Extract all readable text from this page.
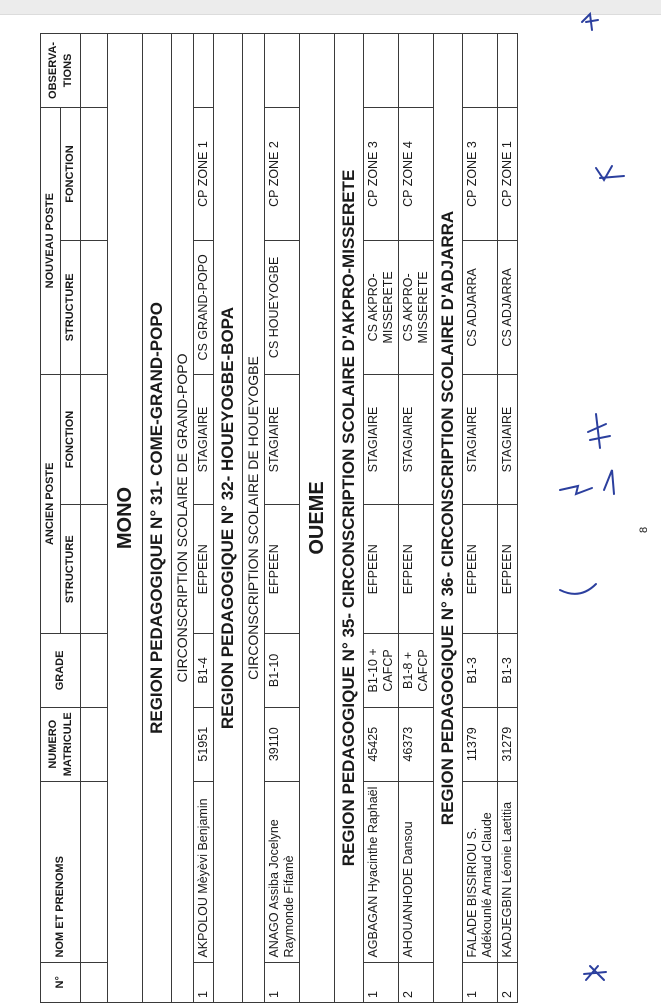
N°	NOM ET PRENOMS	NUMERO MATRICULE	GRADE	ANCIEN POSTE		NOUVEAU POSTE		OBSERVA-TIONS
				STRUCTURE	FONCTION	STRUCTURE	FONCTION	

MONO								
REGION PEDAGOGIQUE N° 31- COME-GRAND-POPO								
CIRCONSCRIPTION SCOLAIRE DE GRAND-POPO								
1	AKPOLOU Mèyèvi Benjamin	51951	B1-4	EFPEEN	STAGIAIRE	CS GRAND-POPO	CP ZONE 1	
REGION PEDAGOGIQUE N° 32- HOUEYOGBE-BOPA								
CIRCONSCRIPTION SCOLAIRE DE HOUEYOGBE								
1	ANAGO Assiba Jocelyne Raymonde Fifamè	39110	B1-10	EFPEEN	STAGIAIRE	CS HOUEYOGBE	CP ZONE 2	
OUEME								
REGION PEDAGOGIQUE N° 35- CIRCONSCRIPTION SCOLAIRE D'AKPRO-MISSERETE								
1	AGBAGAN Hyacinthe Raphaël	45425	B1-10 + CAFCP	EFPEEN	STAGIAIRE	CS AKPRO-MISSERETE	CP ZONE 3	
2	AHOUANHODE Dansou	46373	B1-8 + CAFCP	EFPEEN	STAGIAIRE	CS AKPRO-MISSERETE	CP ZONE 4	
REGION PEDAGOGIQUE N° 36- CIRCONSCRIPTION SCOLAIRE D'ADJARRA								
1	FALADE BISSIRIOU S. Adékounlé Arnaud Claude	11379	B1-3	EFPEEN	STAGIAIRE	CS ADJARRA	CP ZONE 3	
2	KADJEGBIN Léonie Laetitia	31279	B1-3	EFPEEN	STAGIAIRE	CS ADJARRA	CP ZONE 1	
8
